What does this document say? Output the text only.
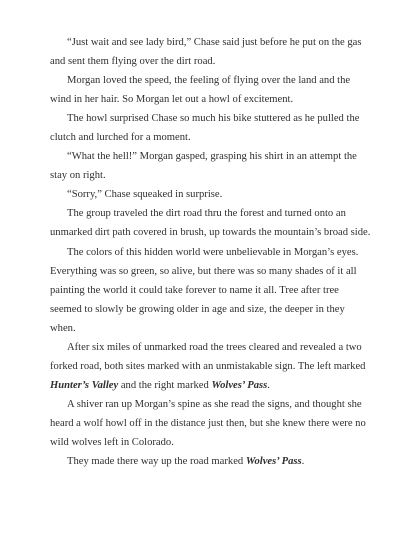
“Just wait and see lady bird,” Chase said just before he put on the gas and sent them flying over the dirt road.

Morgan loved the speed, the feeling of flying over the land and the wind in her hair. So Morgan let out a howl of excitement.

The howl surprised Chase so much his bike stuttered as he pulled the clutch and lurched for a moment.

“What the hell!” Morgan gasped, grasping his shirt in an attempt the stay on right.

“Sorry,” Chase squeaked in surprise.

The group traveled the dirt road thru the forest and turned onto an unmarked dirt path covered in brush, up towards the mountain’s broad side.

The colors of this hidden world were unbelievable in Morgan’s eyes. Everything was so green, so alive, but there was so many shades of it all painting the world it could take forever to name it all. Tree after tree seemed to slowly be growing older in age and size, the deeper in they when.

After six miles of unmarked road the trees cleared and revealed a two forked road, both sites marked with an unmistakable sign. The left marked Hunter’s Valley and the right marked Wolves’ Pass.

A shiver ran up Morgan’s spine as she read the signs, and thought she heard a wolf howl off in the distance just then, but she knew there were no wild wolves left in Colorado.

They made there way up the road marked Wolves’ Pass.
